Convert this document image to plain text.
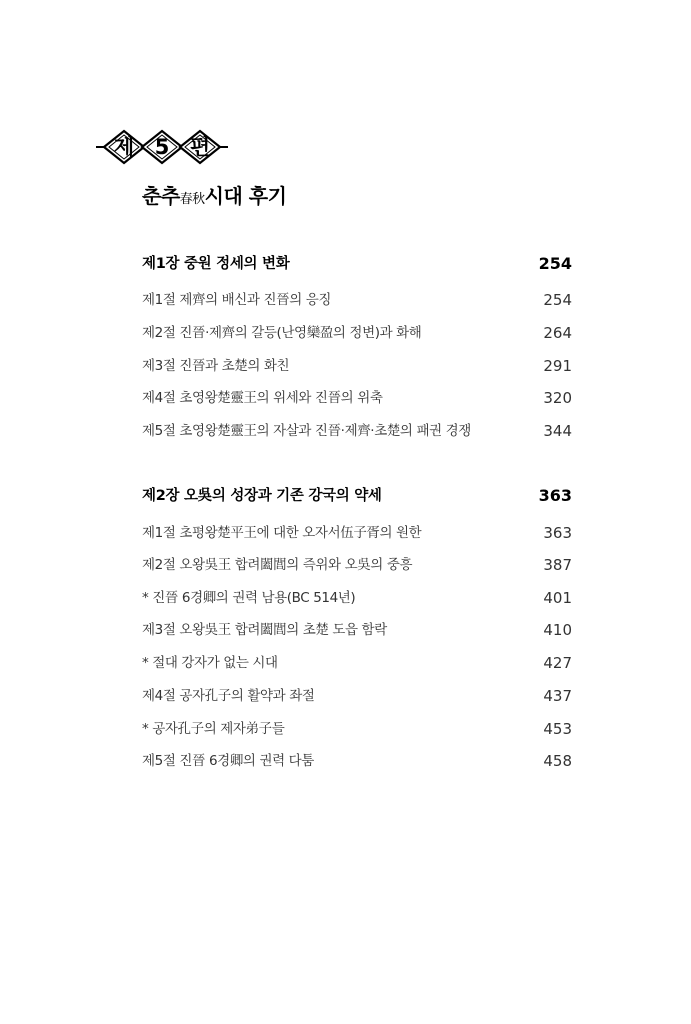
제 5 편
춘추春秋시대 후기
제1장 중원 정세의 변화	254
제1절 제齊의 배신과 진晉의 응징	254
제2절 진晉·제齊의 갈등(난영欒盈의 정변)과 화해	264
제3절 진晉과 초楚의 화친	291
제4절 초영왕楚靈王의 위세와 진晉의 위축	320
제5절 초영왕楚靈王의 자살과 진晉·제齊·초楚의 패권 경쟁	344
제2장 오吳의 성장과 기존 강국의 약세	363
제1절 초평왕楚平王에 대한 오자서伍子胥의 원한	363
제2절 오왕吳王 합려闔閭의 즉위와 오吳의 중흥	387
* 진晉 6경卿의 권력 남용(BC 514년)	401
제3절 오왕吳王 합려闔閭의 초楚 도읍 함락	410
* 절대 강자가 없는 시대	427
제4절 공자孔子의 활약과 좌절	437
* 공자孔子의 제자弟子들	453
제5절 진晉 6경卿의 권력 다툼	458
